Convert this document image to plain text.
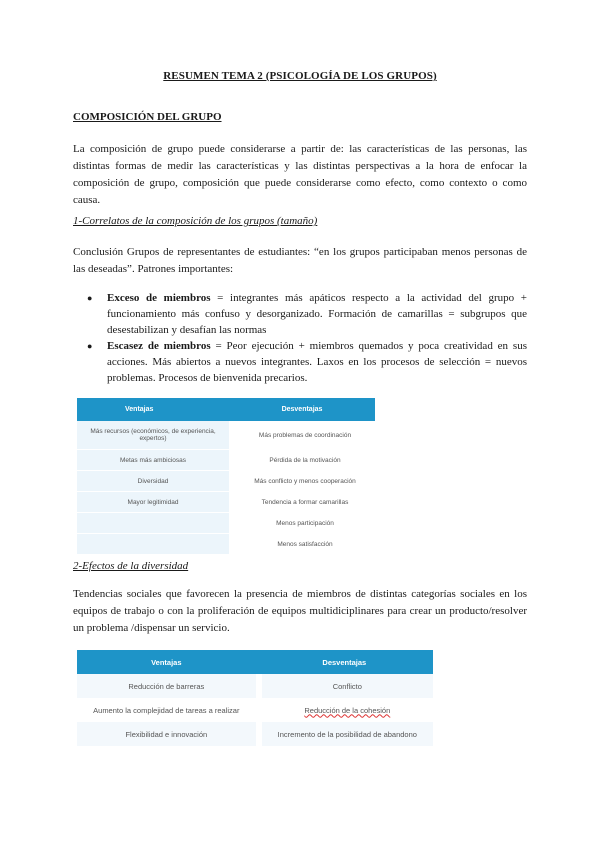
RESUMEN TEMA 2 (PSICOLOGÍA DE LOS GRUPOS)
COMPOSICIÓN DEL GRUPO
La composición de grupo puede considerarse a partir de: las características de las personas, las distintas formas de medir las características y las distintas perspectivas a la hora de enfocar la composición de grupo, composición que puede considerarse como efecto, como contexto o como causa.
1-Correlatos de la composición de los grupos (tamaño)
Conclusión Grupos de representantes de estudiantes: “en los grupos participaban menos personas de las deseadas”. Patrones importantes:
● Exceso de miembros = integrantes más apáticos respecto a la actividad del grupo + funcionamiento más confuso y desorganizado. Formación de camarillas = subgrupos que desestabilizan y desafían las normas
● Escasez de miembros = Peor ejecución + miembros quemados y poca creatividad en sus acciones. Más abiertos a nuevos integrantes. Laxos en los procesos de selección = nuevos problemas. Procesos de bienvenida precarios.
Ventajas	Desventajas
Más recursos (económicos, de experiencia, expertos)	Más problemas de coordinación
Metas más ambiciosas	Pérdida de la motivación
Diversidad	Más conflicto y menos cooperación
Mayor legitimidad	Tendencia a formar camarillas
	Menos participación
	Menos satisfacción
2-Efectos de la diversidad
Tendencias sociales que favorecen la presencia de miembros de distintas categorías sociales en los equipos de trabajo o con la proliferación de equipos multidiciplinares para crear un producto/resolver un problema /dispensar un servicio.
Ventajas	Desventajas
Reducción de barreras	Conflicto
Aumento la complejidad de tareas a realizar	Reducción de la cohesión
Flexibilidad e innovación	Incremento de la posibilidad de abandono
